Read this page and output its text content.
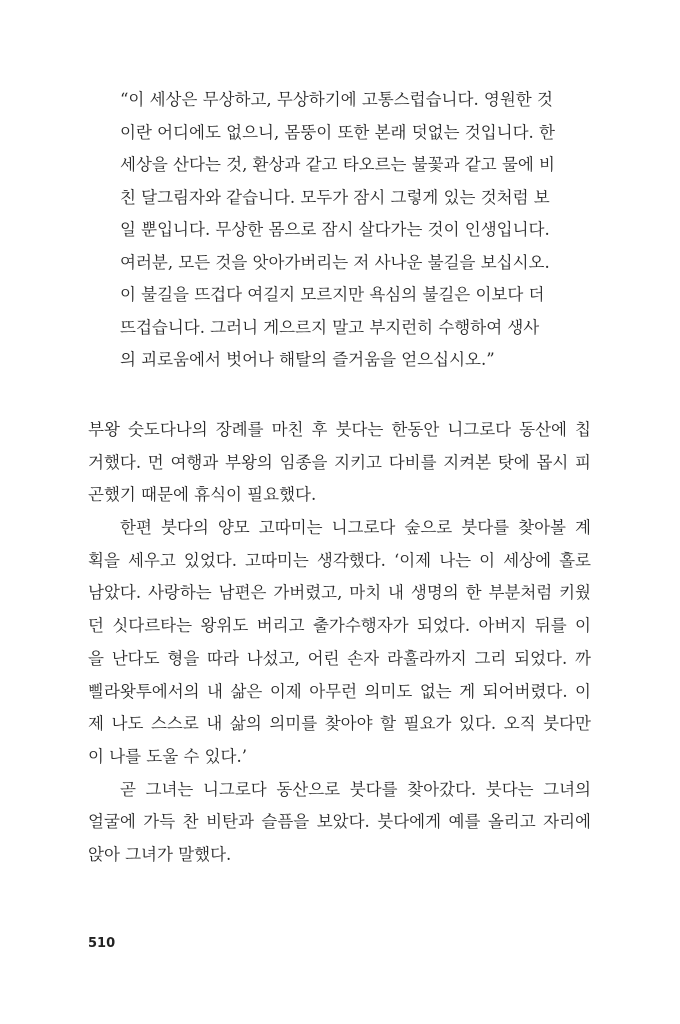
“이 세상은 무상하고, 무상하기에 고통스럽습니다. 영원한 것
이란 어디에도 없으니, 몸뚱이 또한 본래 덧없는 것입니다. 한
세상을 산다는 것, 환상과 같고 타오르는 불꽃과 같고 물에 비
친 달그림자와 같습니다. 모두가 잠시 그렇게 있는 것처럼 보
일 뿐입니다. 무상한 몸으로 잠시 살다가는 것이 인생입니다.
여러분, 모든 것을 앗아가버리는 저 사나운 불길을 보십시오.
이 불길을 뜨겁다 여길지 모르지만 욕심의 불길은 이보다 더
뜨겁습니다. 그러니 게으르지 말고 부지런히 수행하여 생사
의 괴로움에서 벗어나 해탈의 즐거움을 얻으십시오.”
부왕 숫도다나의 장례를 마친 후 붓다는 한동안 니그로다 동산에 칩
거했다. 먼 여행과 부왕의 임종을 지키고 다비를 지켜본 탓에 몹시 피
곤했기 때문에 휴식이 필요했다.
한편 붓다의 양모 고따미는 니그로다 숲으로 붓다를 찾아볼 계
획을 세우고 있었다. 고따미는 생각했다. ‘이제 나는 이 세상에 홀로
남았다. 사랑하는 남편은 가버렸고, 마치 내 생명의 한 부분처럼 키웠
던 싯다르타는 왕위도 버리고 출가수행자가 되었다. 아버지 뒤를 이
을 난다도 형을 따라 나섰고, 어린 손자 라훌라까지 그리 되었다. 까
삘라왓투에서의 내 삶은 이제 아무런 의미도 없는 게 되어버렸다. 이
제 나도 스스로 내 삶의 의미를 찾아야 할 필요가 있다. 오직 붓다만
이 나를 도울 수 있다.’
곧 그녀는 니그로다 동산으로 붓다를 찾아갔다. 붓다는 그녀의
얼굴에 가득 찬 비탄과 슬픔을 보았다. 붓다에게 예를 올리고 자리에
앉아 그녀가 말했다.
510
